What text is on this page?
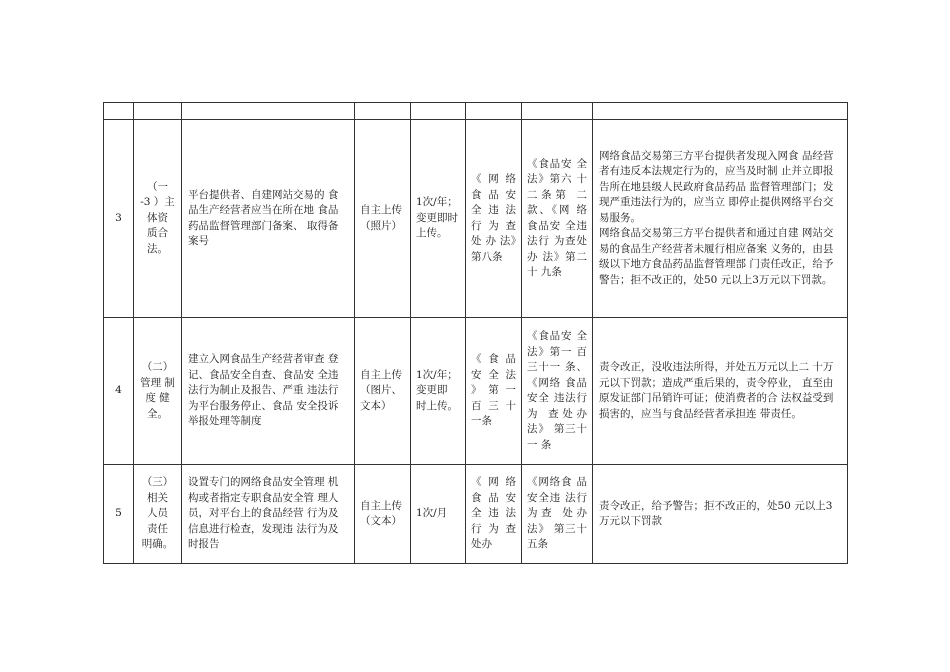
3	（一
-3 ）主
体资
质合
法。	平台提供者、自建网站交易的 食品生产经营者应当在所在地 食品药品监督管理部门备案、 取得备案号	自主上传（照片）	1次/年；变更即时上传。	《 网 络 食 品 安 全 违 法 行 为 查 处 办 法》第八条	《食品安 全法》第六 十二条第 二款、《网 络 食品安 全违法行 为查处办 法》第二十 九条	网络食品交易第三方平台提供者发现入网食 品经营者有违反本法规定行为的，应当及时制 止并立即报告所在地县级人民政府食品药品 监督管理部门；发现严重违法行为的，应当立 即停止提供网络平台交易服务。
网络食品交易第三方平台提供者和通过自建 网站交易的食品生产经营者未履行相应备案 义务的，由县级以下地方食品药品监督管理部 门责任改正，给予警告；拒不改正的，处50 元以上3万元以下罚款。
4	（二）
管理 制
度 健
全。	建立入网食品生产经营者审查 登记、食品安全自查、食品安 全违法行为制止及报告、严重 违法行为平台服务停止、食品 安全投诉举报处理等制度	自主上传（图片、文本）	1次/年； 变更即 时上传。	《 食 品 安 全 法 》 第 一 百 三 十一条	《食品安 全法》第一 百三十一 条、《网络 食品安全 违法行为 查处办 法》 第三十一 条	责令改正，没收违法所得，并处五万元以上二 十万元以下罚款；造成严重后果的，责令停业， 直至由原发证部门吊销许可证；使消费者的合 法权益受到损害的，应当与食品经营者承担连 带责任。
5	（三）
相关
人员
责任
明确。	设置专门的网络食品安全管理 机构或者指定专职食品安全管 理人员，对平台上的食品经营 行为及信息进行检查，发现违 法行为及时报告	自主上传（文本）	1次/月	《网络 食 品 安 全 违 法 行 为 查 处办	《网络食 品安全违 法行为查 处办法》 第三十五条	责令改正，给予警告；拒不改正的，处50 元以上3万元以下罚款
